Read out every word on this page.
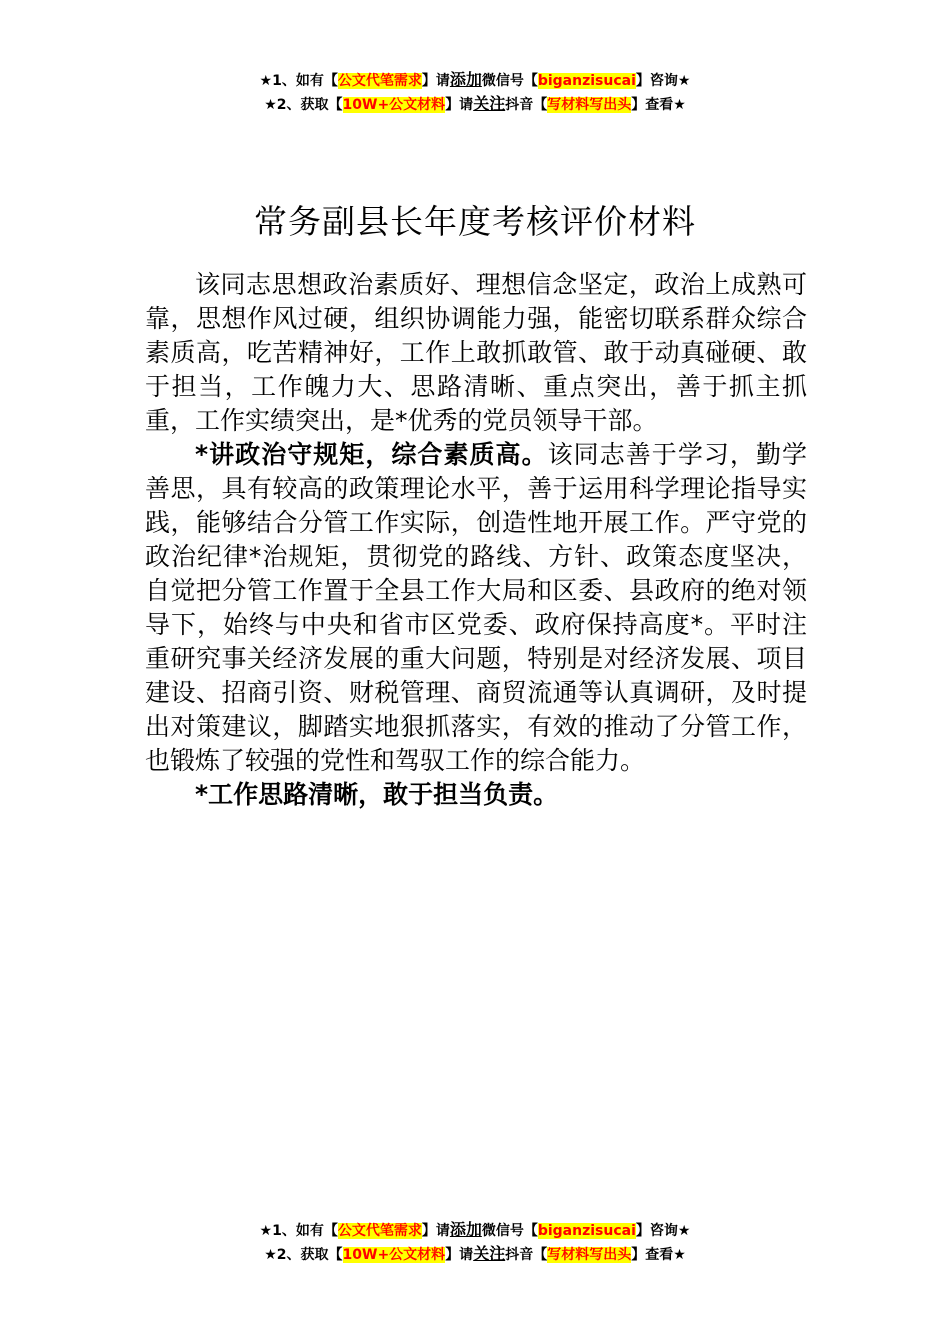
★1、如有【公文代笔需求】请添加微信号【biganzisucai】咨询★
★2、获取【10W+公文材料】请关注抖音【写材料写出头】查看★
常务副县长年度考核评价材料

该同志思想政治素质好、理想信念坚定，政治上成熟可靠，思想作风过硬，组织协调能力强，能密切联系群众综合素质高，吃苦精神好，工作上敢抓敢管、敢于动真碰硬、敢于担当，工作魄力大、思路清晰、重点突出，善于抓主抓重，工作实绩突出，是*优秀的党员领导干部。

*讲政治守规矩，综合素质高。该同志善于学习，勤学善思，具有较高的政策理论水平，善于运用科学理论指导实践，能够结合分管工作实际，创造性地开展工作。严守党的政治纪律*治规矩，贯彻党的路线、方针、政策态度坚决，自觉把分管工作置于全县工作大局和区委、县政府的绝对领导下，始终与中央和省市区党委、政府保持高度*。平时注重研究事关经济发展的重大问题，特别是对经济发展、项目建设、招商引资、财税管理、商贸流通等认真调研，及时提出对策建议，脚踏实地狠抓落实，有效的推动了分管工作，也锻炼了较强的党性和驾驭工作的综合能力。

*工作思路清晰，敢于担当负责。

★1、如有【公文代笔需求】请添加微信号【biganzisucai】咨询★
★2、获取【10W+公文材料】请关注抖音【写材料写出头】查看★
